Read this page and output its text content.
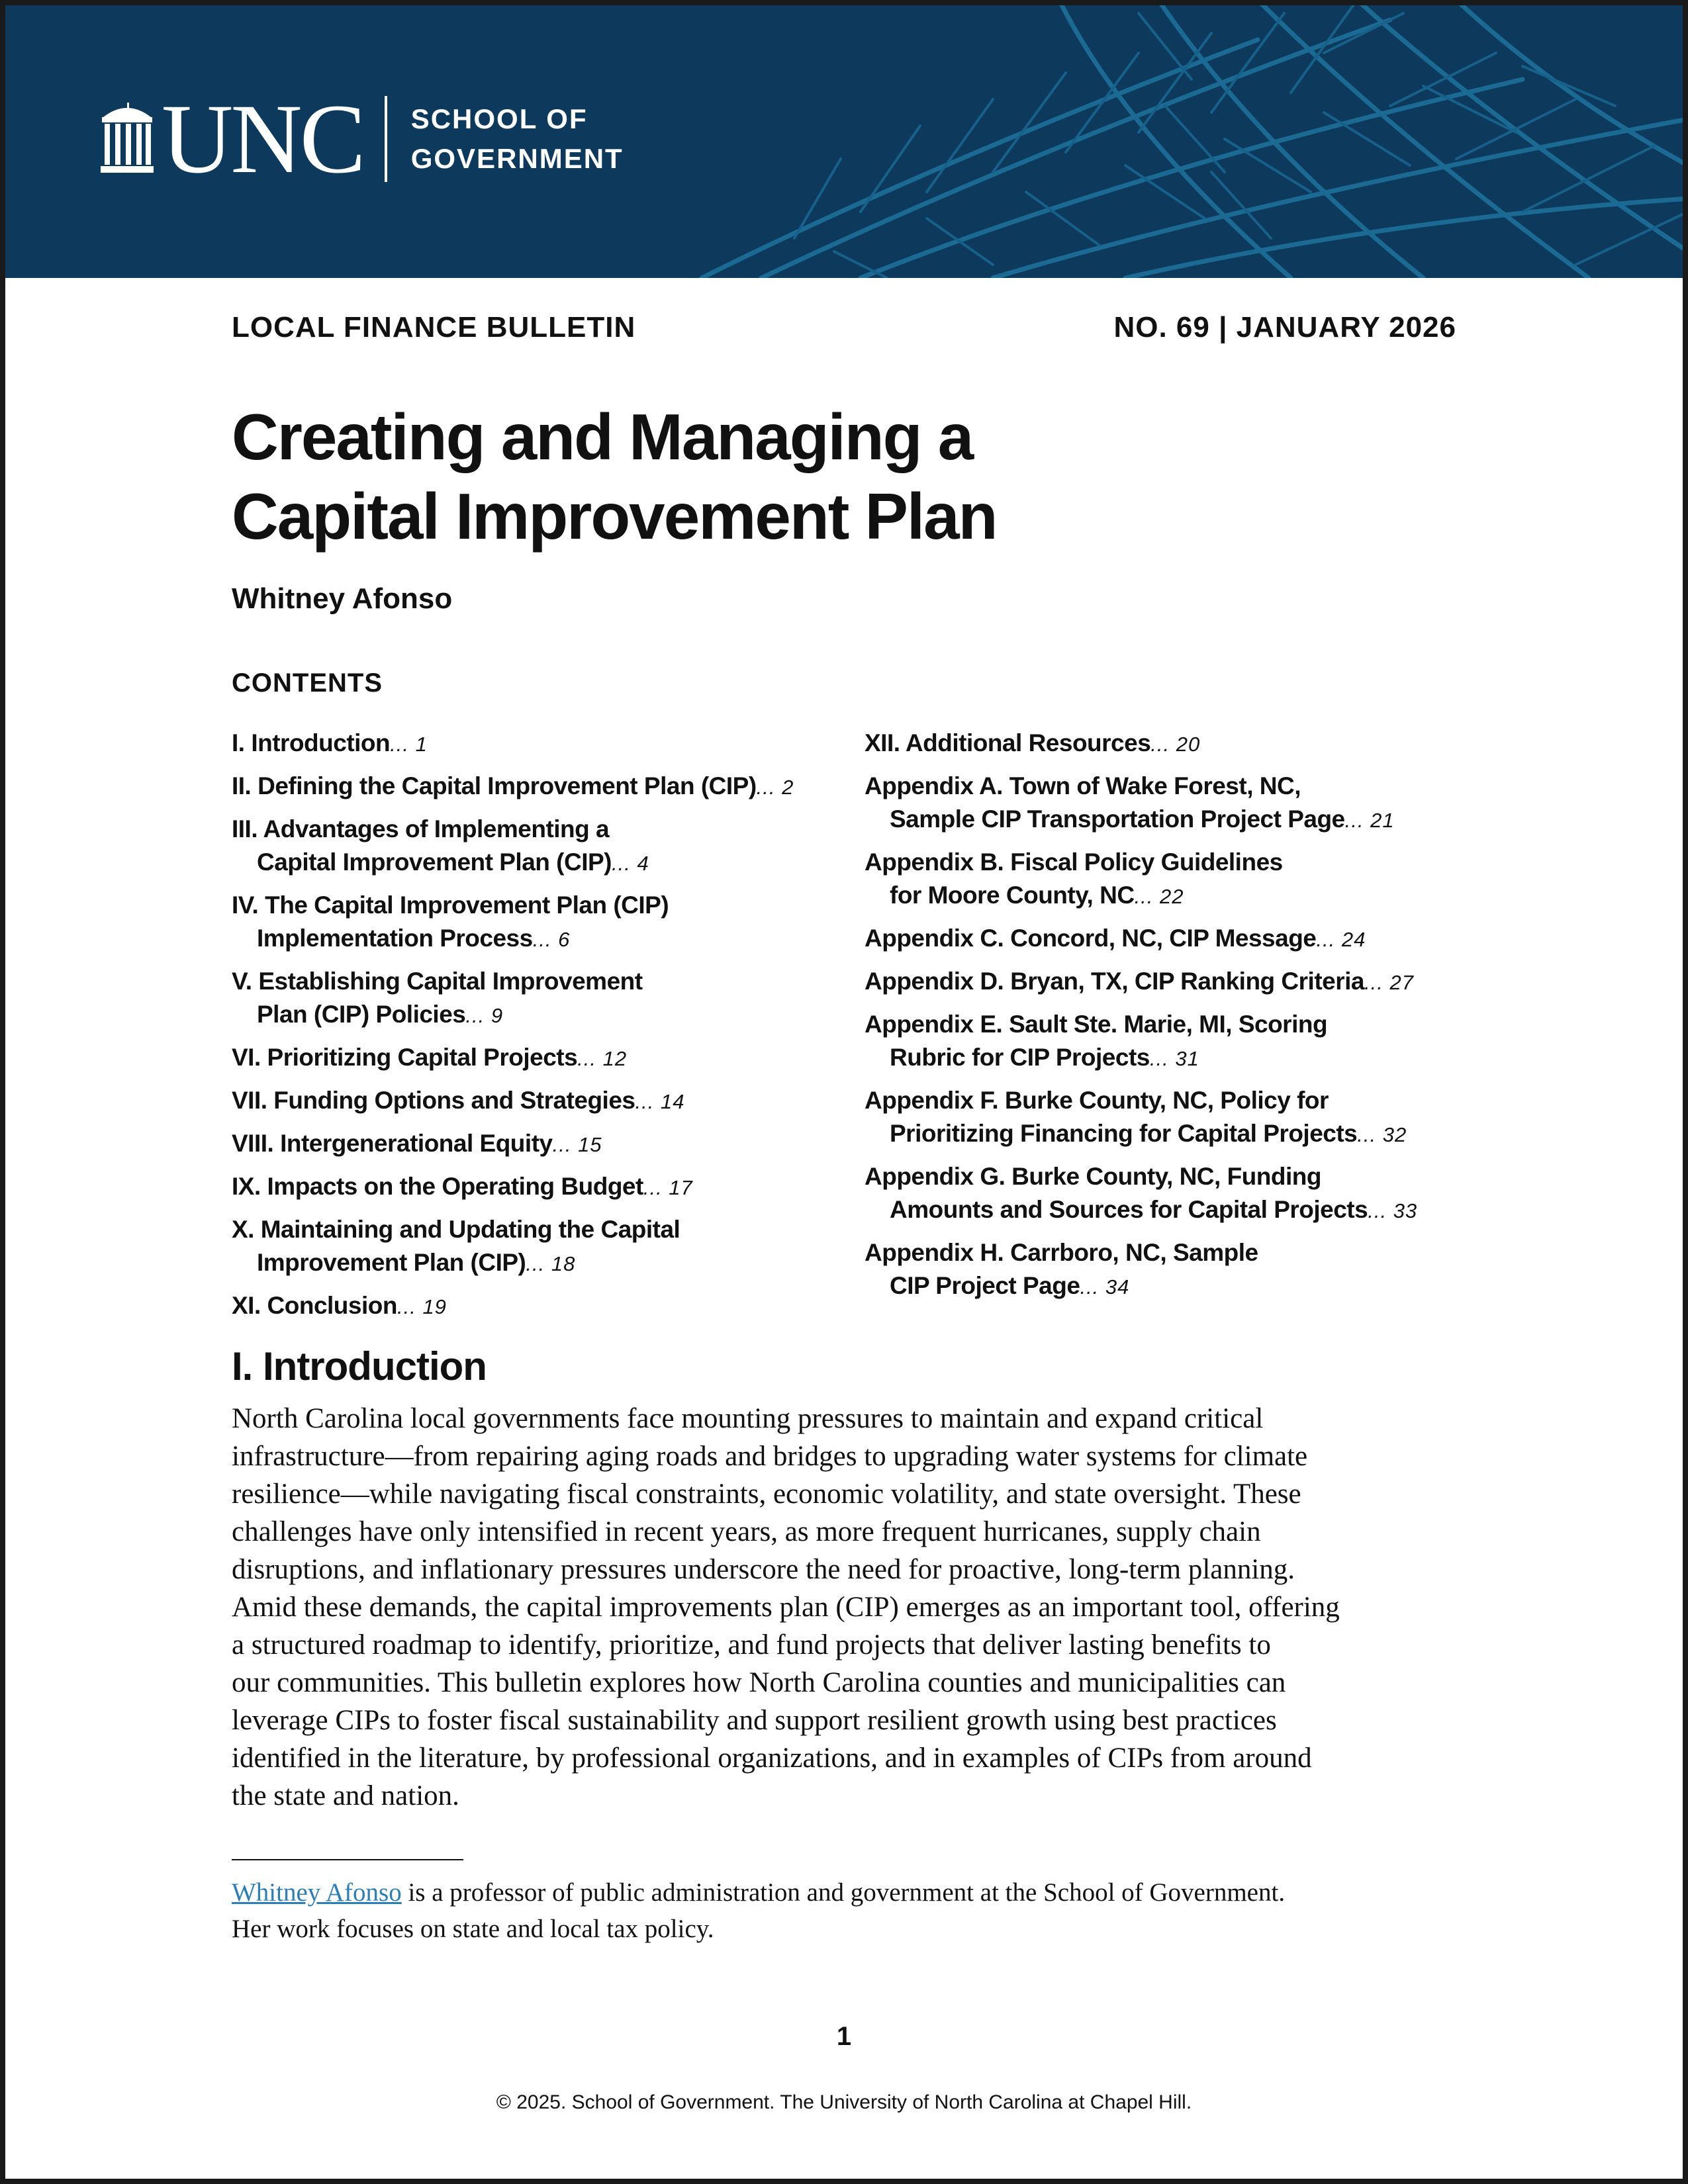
UNC SCHOOL OF
GOVERNMENT
LOCAL FINANCE BULLETIN	NO. 69 | JANUARY 2026
Creating and Managing a
Capital Improvement Plan
Whitney Afonso
CONTENTS
I. Introduction... 1
II. Defining the Capital Improvement Plan (CIP)... 2
III. Advantages of Implementing a
Capital Improvement Plan (CIP)... 4
IV. The Capital Improvement Plan (CIP)
Implementation Process... 6
V. Establishing Capital Improvement
Plan (CIP) Policies... 9
VI. Prioritizing Capital Projects... 12
VII. Funding Options and Strategies... 14
VIII. Intergenerational Equity... 15
IX. Impacts on the Operating Budget... 17
X. Maintaining and Updating the Capital
Improvement Plan (CIP)... 18
XI. Conclusion... 19
XII. Additional Resources... 20
Appendix A. Town of Wake Forest, NC,
Sample CIP Transportation Project Page... 21
Appendix B. Fiscal Policy Guidelines
for Moore County, NC... 22
Appendix C. Concord, NC, CIP Message... 24
Appendix D. Bryan, TX, CIP Ranking Criteria... 27
Appendix E. Sault Ste. Marie, MI, Scoring
Rubric for CIP Projects... 31
Appendix F. Burke County, NC, Policy for
Prioritizing Financing for Capital Projects... 32
Appendix G. Burke County, NC, Funding
Amounts and Sources for Capital Projects... 33
Appendix H. Carrboro, NC, Sample
CIP Project Page... 34
I. Introduction

North Carolina local governments face mounting pressures to maintain and expand critical
infrastructure—from repairing aging roads and bridges to upgrading water systems for climate
resilience—while navigating fiscal constraints, economic volatility, and state oversight. These
challenges have only intensified in recent years, as more frequent hurricanes, supply chain
disruptions, and inflationary pressures underscore the need for proactive, long-term planning.
Amid these demands, the capital improvements plan (CIP) emerges as an important tool, offering
a structured roadmap to identify, prioritize, and fund projects that deliver lasting benefits to
our communities. This bulletin explores how North Carolina counties and municipalities can
leverage CIPs to foster fiscal sustainability and support resilient growth using best practices
identified in the literature, by professional organizations, and in examples of CIPs from around
the state and nation.

Whitney Afonso is a professor of public administration and government at the School of Government.
Her work focuses on state and local tax policy.

1
© 2025. School of Government. The University of North Carolina at Chapel Hill.
